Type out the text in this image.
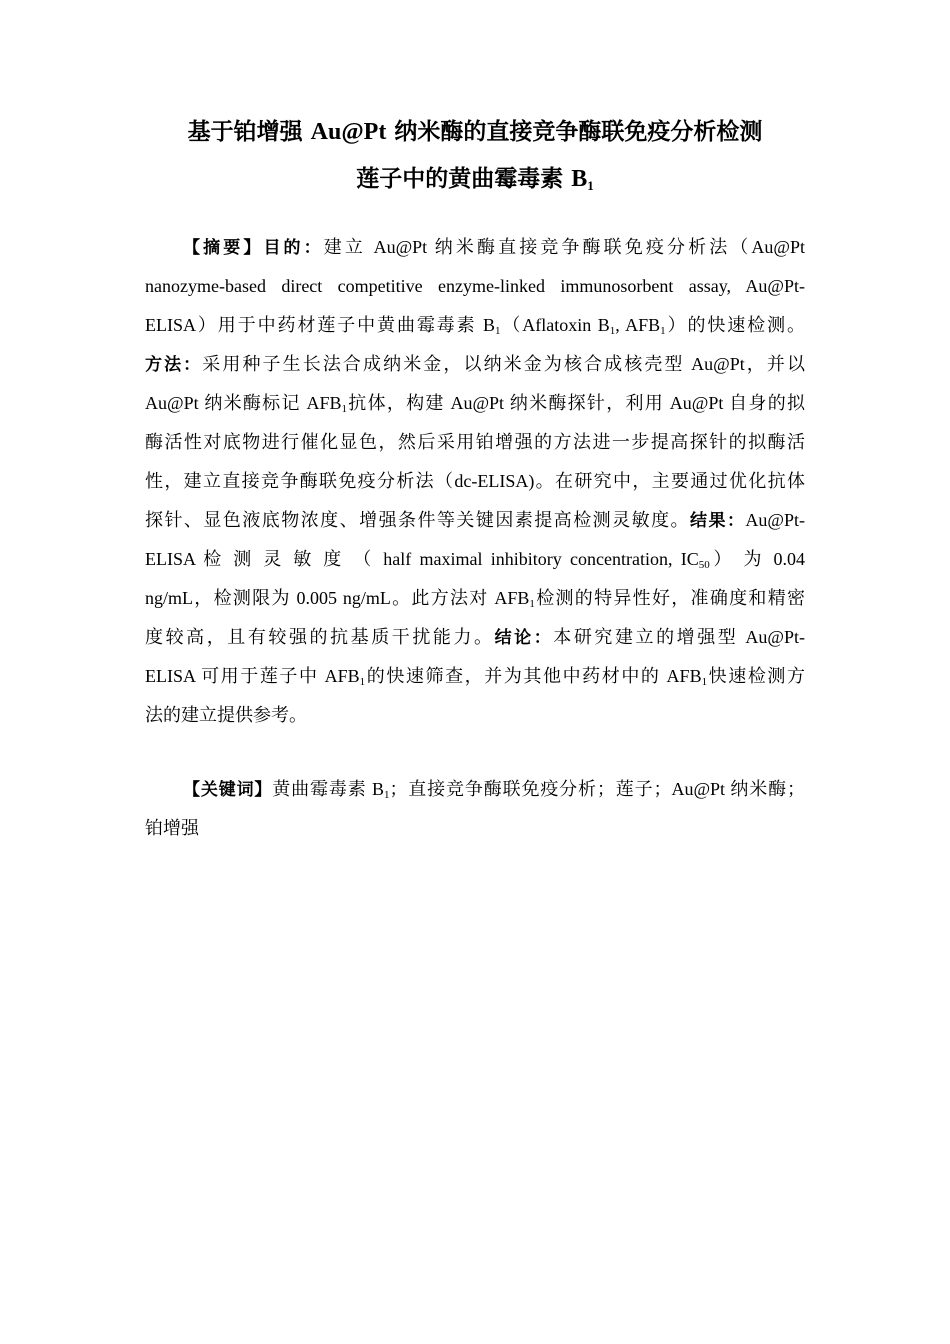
基于铂增强 Au@Pt 纳米酶的直接竞争酶联免疫分析检测
莲子中的黄曲霉毒素 $B_1$
【摘要】目的：建立 Au@Pt 纳米酶直接竞争酶联免疫分析法（Au@Pt
nanozyme-based direct competitive enzyme-linked immunosorbent assay, Au@Pt-
ELISA）用于中药材莲子中黄曲霉毒素 $B_1(Aflatoxin$ $B_1$, $AFB_1$）的快速检测。
方法：采用种子生长法合成纳米金，以纳米金为核合成核壳型 Au@Pt，并以
Au@Pt 纳米酶标记 $AFB_1$抗体，构建 Au@Pt 纳米酶探针，利用 Au@Pt 自身的拟
酶活性对底物进行催化显色，然后采用铂增强的方法进一步提高探针的拟酶活
性，建立直接竞争酶联免疫分析法（dc-ELISA)。在研究中，主要通过优化抗体
探针、显色液底物浓度、增强条件等关键因素提高检测灵敏度。结果：Au@Pt-
ELISA 检 测 灵 敏 度 （ half maximal inhibitory concentration, $IC_{50}$） 为 0.04
ng/mL，检测限为 0.005 ng/mL。此方法对 $AFB_1$检测的特异性好，准确度和精密
度较高，且有较强的抗基质干扰能力。结论：本研究建立的增强型 Au@Pt-
ELISA 可用于莲子中 $AFB_1$的快速筛查，并为其他中药材中的 $AFB_1$快速检测方
法的建立提供参考。
【关键词】黄曲霉毒素 $B_1$；直接竞争酶联免疫分析；莲子；Au@Pt 纳米酶；
铂增强
